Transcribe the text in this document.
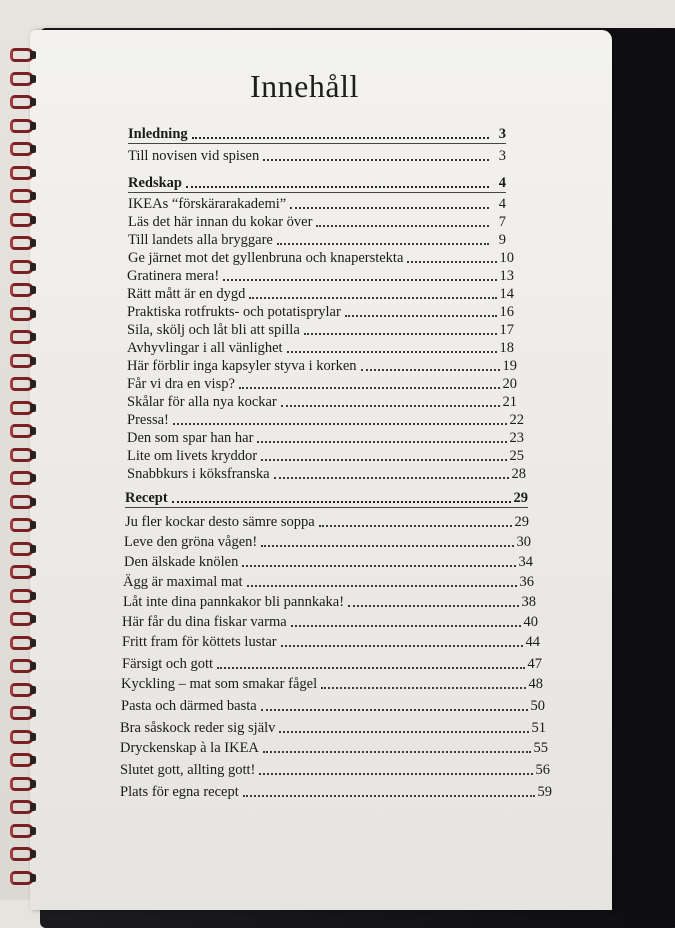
Innehåll
Inledning	3
Till novisen vid spisen	3
Redskap	4
IKEAs “förskärarakademi”	4
Läs det här innan du kokar över	7
Till landets alla bryggare	9
Ge järnet mot det gyllenbruna och knaperstekta	10
Gratinera mera!	13
Rätt mått är en dygd	14
Praktiska rotfrukts- och potatisprylar	16
Sila, skölj och låt bli att spilla	17
Avhyvlingar i all vänlighet	18
Här förblir inga kapsyler styva i korken	19
Får vi dra en visp?	20
Skålar för alla nya kockar	21
Pressa!	22
Den som spar han har	23
Lite om livets kryddor	25
Snabbkurs i köksfranska	28
Recept	29
Ju fler kockar desto sämre soppa	29
Leve den gröna vågen!	30
Den älskade knölen	34
Ägg är maximal mat	36
Låt inte dina pannkakor bli pannkaka!	38
Här får du dina fiskar varma	40
Fritt fram för köttets lustar	44
Färsigt och gott	47
Kyckling – mat som smakar fågel	48
Pasta och därmed basta	50
Bra såskock reder sig själv	51
Dryckenskap à la IKEA	55
Slutet gott, allting gott!	56
Plats för egna recept	59
